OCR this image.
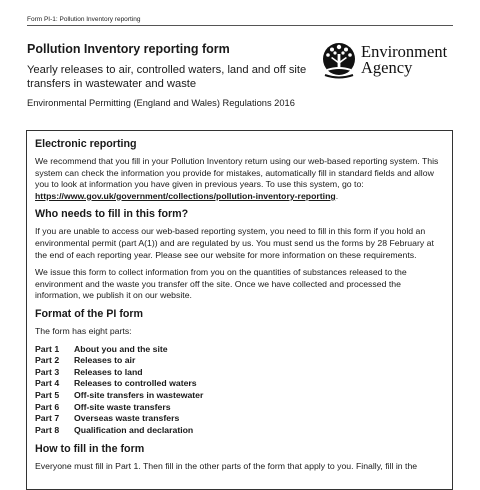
Form PI-1: Pollution Inventory reporting
Pollution Inventory reporting form
Yearly releases to air, controlled waters, land and off site transfers in wastewater and waste
Environmental Permitting (England and Wales) Regulations 2016
Environment
Agency
Electronic reporting

We recommend that you fill in your Pollution Inventory return using our web-based reporting system. This system can check the information you provide for mistakes, automatically fill in standard fields and allow you to look at information you have given in previous years. To use this system, go to: https://www.gov.uk/government/collections/pollution-inventory-reporting.

Who needs to fill in this form?

If you are unable to access our web-based reporting system, you need to fill in this form if you hold an environmental permit (part A(1)) and are regulated by us. You must send us the forms by 28 February at the end of each reporting year. Please see our website for more information on these requirements.

We issue this form to collect information from you on the quantities of substances released to the environment and the waste you transfer off the site. Once we have collected and processed the information, we publish it on our website.

Format of the PI form

The form has eight parts:

Part 1 About you and the site
Part 2 Releases to air
Part 3 Releases to land
Part 4 Releases to controlled waters
Part 5 Off-site transfers in wastewater
Part 6 Off-site waste transfers
Part 7 Overseas waste transfers
Part 8 Qualification and declaration
How to fill in the form

Everyone must fill in Part 1. Then fill in the other parts of the form that apply to you. Finally, fill in the
